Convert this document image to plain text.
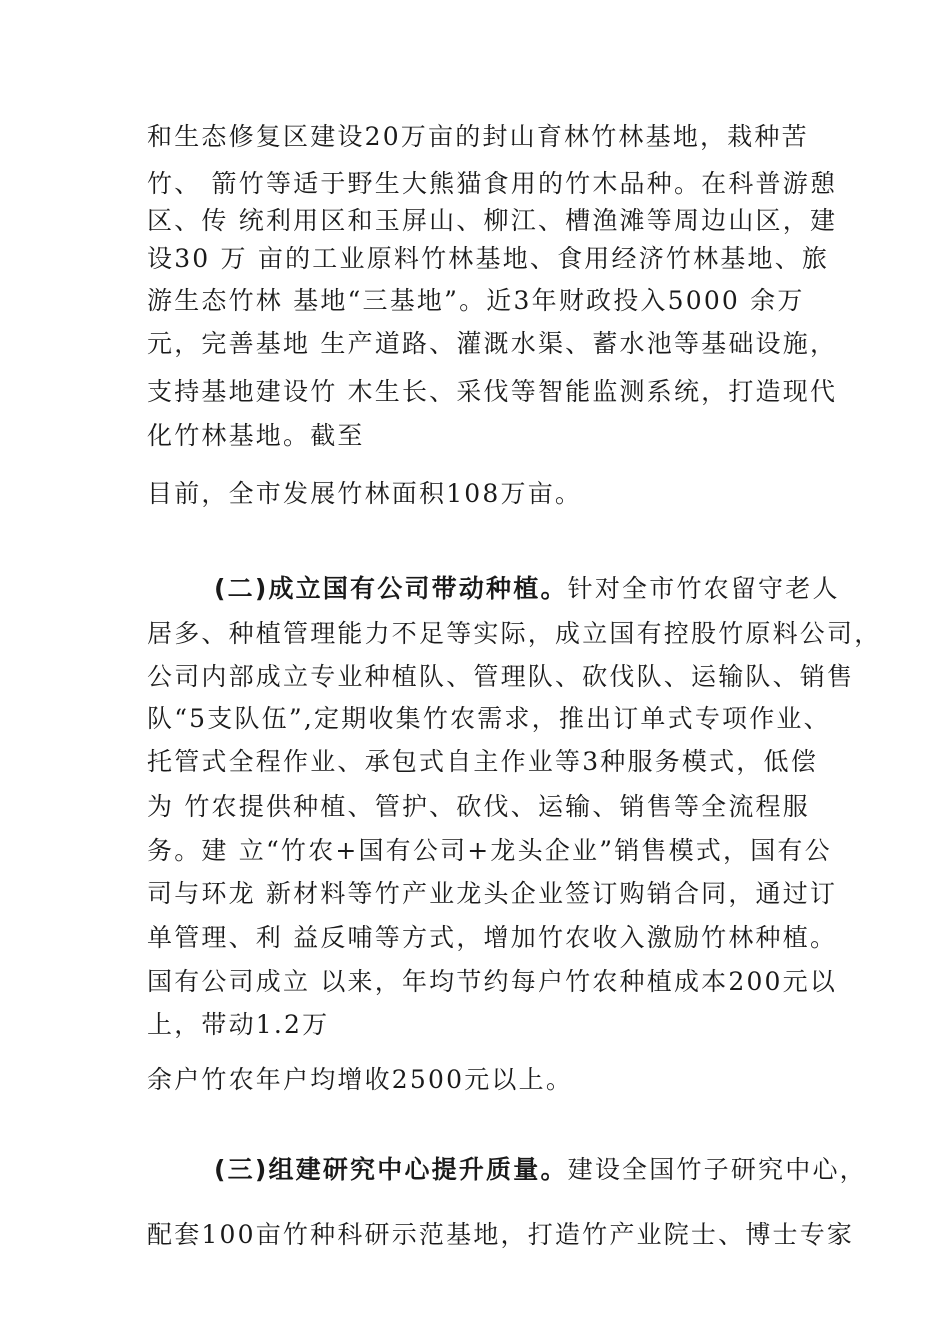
和生态修复区建设20万亩的封山育林竹林基地，栽种苦
竹、 箭竹等适于野生大熊猫食用的竹木品种。在科普游憩
区、传 统利用区和玉屏山、柳江、槽渔滩等周边山区，建
设30 万 亩的工业原料竹林基地、食用经济竹林基地、旅
游生态竹林 基地“三基地”。近3年财政投入5000 余万
元，完善基地 生产道路、灌溉水渠、蓄水池等基础设施，
支持基地建设竹 木生长、采伐等智能监测系统，打造现代
化竹林基地。截至
目前，全市发展竹林面积108万亩。
(二)成立国有公司带动种植。针对全市竹农留守老人
居多、种植管理能力不足等实际，成立国有控股竹原料公司，
公司内部成立专业种植队、管理队、砍伐队、运输队、销售
队“5支队伍”,定期收集竹农需求，推出订单式专项作业、
托管式全程作业、承包式自主作业等3种服务模式，低偿
为 竹农提供种植、管护、砍伐、运输、销售等全流程服
务。建 立“竹农+国有公司+龙头企业”销售模式，国有公
司与环龙 新材料等竹产业龙头企业签订购销合同，通过订
单管理、利 益反哺等方式，增加竹农收入激励竹林种植。
国有公司成立 以来，年均节约每户竹农种植成本200元以
上，带动1.2万
余户竹农年户均增收2500元以上。
(三)组建研究中心提升质量。建设全国竹子研究中心，
配套100亩竹种科研示范基地，打造竹产业院士、博士专家
